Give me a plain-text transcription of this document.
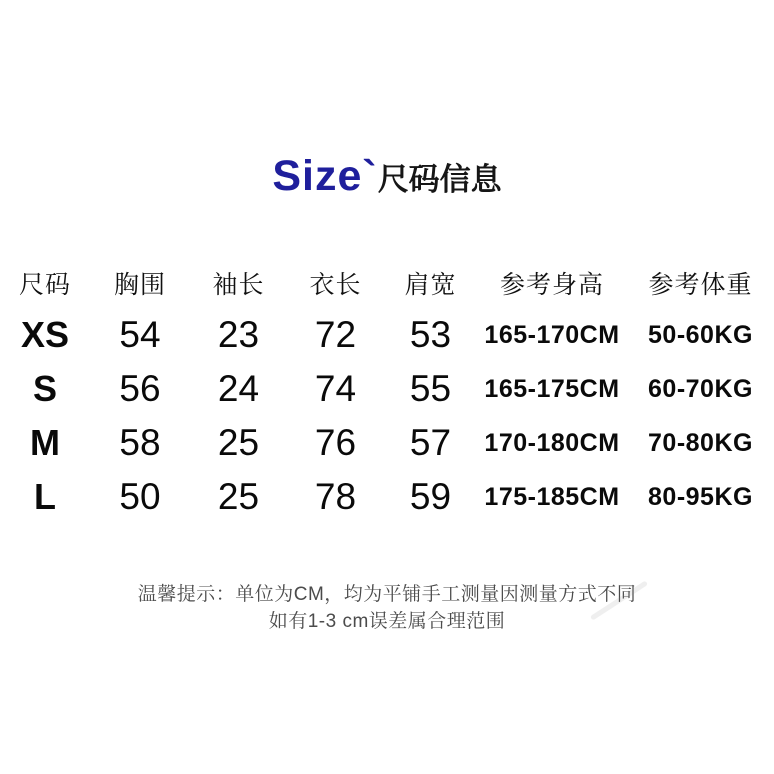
Size`尺码信息
尺码	胸围	袖长	衣长	肩宽	参考身高	参考体重
XS	54	23	72	53	165-170CM	50-60KG
S	56	24	74	55	165-175CM	60-70KG
M	58	25	76	57	170-180CM	70-80KG
L	50	25	78	59	175-185CM	80-95KG
温馨提示：单位为CM，均为平铺手工测量因测量方式不同
如有1-3 cm误差属合理范围
